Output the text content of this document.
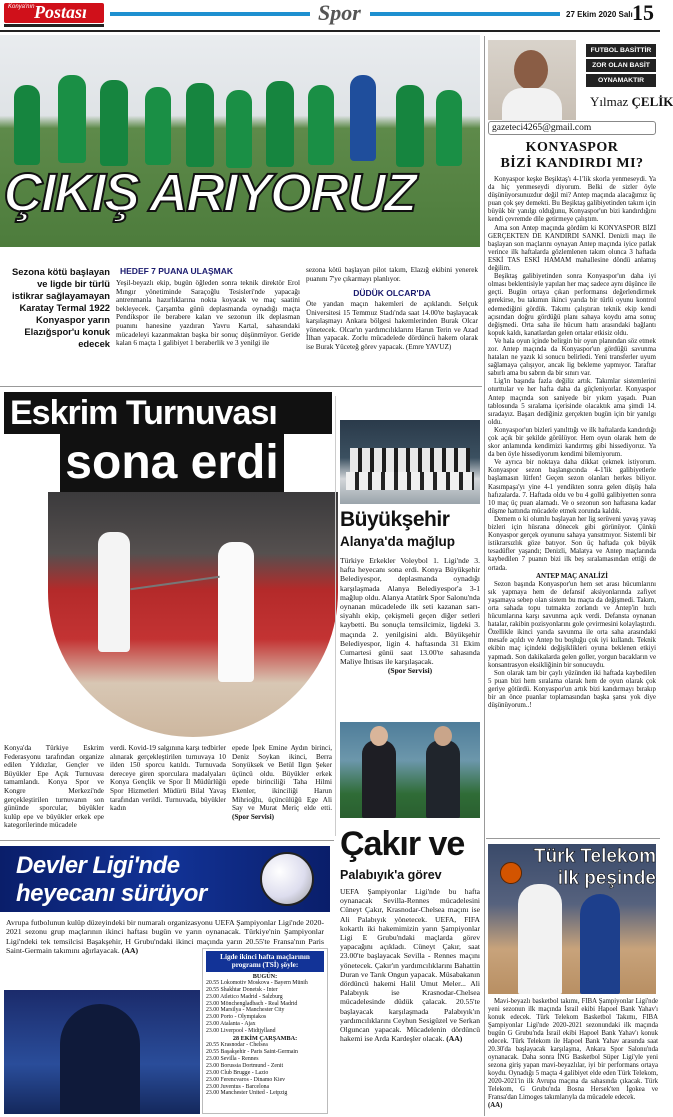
Konya'nın Postası	Spor	27 Ekim 2020 Salı 15
ÇIKIŞ ARIYORUZ
Sezona kötü başlayan ve ligde bir türlü istikrar sağlayamayan Karatay Termal 1922 Konyaspor yarın Elazığspor'u konuk edecek
HEDEF 7 PUANA ULAŞMAK
Yeşil-beyazlı ekip, bugün öğleden sonra teknik direktör Erol Mıngır yönetiminde Saraçoğlu Tesisleri'nde yapacağı antrenmanla hazırlıklarına nokta koyacak ve maç saatini bekleyecek. Çarşamba günü deplasmanda oynadığı maçta Pendikspor ile berabere kalan ve sezonun ilk deplasman puanını hanesine yazdıran Yavru Kartal, sahasındaki mücadeleyi kazanmaktan başka bir sonuç düşünmüyor. Geride kalan 6 maçta 1 galibiyet 1 beraberlik ve 3 yenilgi ile
sezona kötü başlayan pilot takım, Elazığ ekibini yenerek puanını 7'ye çıkarmayı planlıyor.
DÜDÜK OLCAR'DA
Öte yandan maçın hakemleri de açıklandı. Selçuk Üniversitesi 15 Temmuz Stadı'nda saat 14.00'te başlayacak karşılaşmayı Ankara bölgesi hakemlerinden Burak Olcar yönetecek. Olcar'ın yardımcılıklarını Harun Terin ve Azad İlhan yapacak. Zorlu mücadelede dördüncü hakem olarak ise Burak Yüceteğ görev yapacak. (Emre YAVUZ)
Eskrim Turnuvası
sona erdi
Konya'da Türkiye Eskrim Federasyonu tarafından organize edilen Yıldızlar, Gençler ve Büyükler Epe Açık Turnuvası tamamlandı. Konya Spor ve Kongre Merkezi'nde gerçekleştirilen turnuvanın son gününde sporcular, büyükler kulüp epe ve büyükler erkek epe kategorilerinde mücadele
verdi. Kovid-19 salgınına karşı tedbirler alınarak gerçekleştirilen turnuvaya 10 ilden 150 sporcu katıldı. Turnuvada dereceye giren sporculara madalyaları Konya Gençlik ve Spor İl Müdürlüğü Spor Hizmetleri Müdürü Bilal Yavaş tarafından verildi. Turnuvada, büyükler kadın
epede İpek Emine Aydın birinci, Deniz Soykan ikinci, Berra Sonyüksek ve Betül Ilgın Şeker üçüncü oldu. Büyükler erkek epede birinciliği Taha Hilmi Ekenler, ikinciliği Harun Mihrioğlu, üçüncülüğü Ege Ali Say ve Murat Meriç elde etti. (Spor Servisi)
Büyükşehir
Alanya'da mağlup
Türkiye Erkekler Voleybol 1. Ligi'nde 3. hafta heyecanı sona erdi. Konya Büyükşehir Belediyespor, deplasmanda oynadığı karşılaşmada Alanya Belediyespor'a 3-1 mağlup oldu. Alanya Atatürk Spor Salonu'nda oynanan mücadelede ilk seti kazanan sarı-siyahlı ekip, çekişmeli geçen diğer setleri kaybetti. Bu sonuçla temsilcimiz, ligdeki 3. maçında 2. yenilgisini aldı. Büyükşehir Belediyespor, ligin 4. haftasında 31 Ekim Cumartesi günü saat 13.00'te sahasında Maliye İhtisas ile karşılaşacak.

(Spor Servisi)
Çakır ve
Palabıyık'a görev
UEFA Şampiyonlar Ligi'nde bu hafta oynanacak Sevilla-Rennes mücadelesini Cüneyt Çakır, Krasnodar-Chelsea maçını ise Ali Palabıyık yönetecek. UEFA, FIFA kokartlı iki hakemimizin yarın Şampiyonlar Ligi E Grubu'ndaki maçlarda görev yapacağını açıkladı. Cüneyt Çakır, saat 23.00'te başlayacak Sevilla - Rennes maçını yönetecek. Çakır'ın yardımcılıklarını Bahattin Duran ve Tarık Ongun yapacak. Müsabakanın dördüncü hakemi Halil Umut Meler... Ali Palabıyık ise Krasnodar-Chelsea mücadelesinde düdük çalacak. 20.55'te başlayacak karşılaşmada Palabıyık'ın yardımcılıklarını Ceyhun Sesigüzel ve Serkan Olguncan yapacak. Mücadelenin dördüncü hakemi ise Arda Kardeşler olacak. (AA)
Devler Ligi'nde
heyecanı sürüyor
Avrupa futbolunun kulüp düzeyindeki bir numaralı organizasyonu UEFA Şampiyonlar Ligi'nde 2020-2021 sezonu grup maçlarının ikinci haftası bugün ve yarın oynanacak. Türkiye'nin Şampiyonlar Ligi'ndeki tek temsilcisi Başakşehir, H Grubu'ndaki ikinci maçında yarın 20.55'te Fransa'nın Paris Saint-Germain takımını ağırlayacak. (AA)
Ligde ikinci hafta maçlarının programı (TSİ) şöyle:
BUGÜN:
20.55 Lokomotiv Moskova - Bayern Münih
20.55 Shakhtar Donetsk - Inter
23.00 Atletico Madrid - Salzburg
23.00 Mönchengladbach - Real Madrid
23.00 Marsilya - Manchester City
23.00 Porto - Olympiakos
23.00 Atalanta - Ajax
23.00 Liverpool - Midtjylland
28 EKİM ÇARŞAMBA:
20.55 Krasnodar - Chelsea
20.55 Başakşehir - Paris Saint-Germain
23.00 Sevilla - Rennes
23.00 Borussia Dortmund - Zenit
23.00 Club Brugge - Lazio
23.00 Ferencvaros - Dinamo Kiev
23.00 Juventus - Barcelona
23.00 Manchester United - Leipzig
FUTBOL BASİTTİR
ZOR OLAN BASİT
OYNAMAKTIR
Yılmaz ÇELİK
gazeteci4265@gmail.com
KONYASPOR
BİZİ KANDIRDI MI?

Konyaspor keşke Beşiktaş'ı 4-1'lik skorla yenmeseydi. Ya da hiç yenmeseydi diyorum. Belki de sizler öyle düşünüyorsunuzdur değil mi? Antep maçında alacağımız üç puan çok şey demekti. Bu Beşiktaş galibiyetinden takım için büyük bir yanılgı olduğunu, Konyaspor'un bizi kandırdığını kendi çevremde dile getirmeye çalıştım.

Ama son Antep maçında gördüm ki KONYASPOR BİZİ GERÇEKTEN DE KANDIRDI SANKİ. Denizli maçı ile başlayan son maçlarını oynayan Antep maçında iyice patlak verince ilk haftalarda gözlemlenen takım olunca 3 haftada ESKİ TAS ESKİ HAMAM mahallesine döndü anlamış değilim.

Beşiktaş galibiyetinden sonra Konyaspor'un daha iyi olması beklentisiyle yapılan her maç sadece aynı düşünce ile geçti. Bugün ortaya çıkan performansı değerlendirmek gerekirse, bu takımın ikinci yarıda bir türlü oyunu kontrol edemediğini gördük. Takımı çalıştıran teknik ekip kendi açısından doğru gördüğü planı sahaya koydu ama sonuç değişmedi. Orta saha ile hücum hattı arasındaki bağlantı kopuk kaldı, kanatlardan gelen ortalar etkisiz oldu.

Ve hala oyun içinde belirgin bir oyun planından söz etmek zor. Antep maçında da Konyaspor'un gördüğü savunma hataları ne yazık ki sonucu belirledi. Yeni transferler uyum sağlamaya çalışıyor, ancak lig bekleme yapmıyor. Taraftar sabırlı ama bu sabrın da bir sınırı var.

Lig'in başında fazla değiliz artık. Takımlar sistemlerini oturttular ve her hafta daha da güçleniyorlar. Konyaspor Antep maçında son saniyede bir yıkım yaşadı. Puan tablosunda 5 sıralama içerisinde olacaktık ama şimdi 14. sıradayız. Başarı dediğiniz gerçekten bugün için bir yanılgı oldu.

Konyaspor'un bizleri yanılttığı ve ilk haftalarda kandırdığı çok açık bir şekilde görülüyor. Hem oyun olarak hem de skor anlamında kendimizi kandırmış gibi hissediyoruz. Ya da ben öyle hissediyorum kendimi bilemiyorum.

Ve ayrıca bir noktaya daha dikkat çekmek istiyorum. Konyaspor sezon başlangıcında 4-1'lik galibiyetlerle başlamasın lütfen! Geçen sezon olanları herkes biliyor. Kasımpaşa'yı yine 4-1 yendikten sonra gelen düşüş hala hafızalarda. 7. Haftada oldu ve bu 4 gollü galibiyetten sonra 10 maç üç puan alamadı. Ve o sezonun son haftasına kadar düşme hattında mücadele etmek zorunda kaldık.

Demem o ki olumlu başlayan her lig serüveni yavaş yavaş bizleri için hüsrana dönecek gibi görünüyor. Çünkü Konyaspor gerçek oyununu sahaya yansıtmıyor. Sistemli bir istikrarsızlık göze batıyor. Son üç haftada çok büyük tesadüfler yaşandı; Denizli, Malatya ve Antep maçlarında kaybedilen 7 puanın bizi ilk beş sıralamasından ettiği de ortada.

ANTEP MAÇ ANALİZİ

Sezon başında Konyaspor'un hem set arası hücumlarını sık yapmaya hem de defansif aksiyonlarında zafiyet yaşamaya sebep olan sistem bu maçta da değişmedi. Takım, orta sahada topu tutmakta zorlandı ve Antep'in hızlı hücumlarına karşı savunma açık verdi. Defansta oynanan hatalar, rakibin pozisyonlarını gole çevirmesini kolaylaştırdı. Özellikle ikinci yarıda savunma ile orta saha arasındaki mesafe açıldı ve Antep bu boşluğu çok iyi kullandı. Teknik ekibin maç içindeki değişiklikleri oyuna beklenen etkiyi yapmadı. Son dakikalarda gelen goller, yorgun bacakların ve konsantrasyon eksikliğinin bir sonucuydu.

Son olarak tam bir çaylı yüzünden iki haftada kaybedilen 5 puan bizi hem sıralama olarak hem de oyun olarak çok geriye götürdü. Konyaspor'un artık bizi kandırmayı bırakıp bir an önce puanlar toplamasından başka şansı yok diye düşünüyorum..!

Türk Telekom
ilk peşinde
Mavi-beyazlı basketbol takımı, FIBA Şampiyonlar Ligi'nde yeni sezonun ilk maçında İsrail ekibi Hapoel Bank Yahav'ı konuk edecek. Türk Telekom Basketbol Takımı, FIBA Şampiyonlar Ligi'nde 2020-2021 sezonundaki ilk maçında bugün G Grubu'nda İsrail ekibi Hapoel Bank Yahav'ı konuk edecek. Türk Telekom ile Hapoel Bank Yahav arasında saat 20.30'da başlayacak karşılaşma, Ankara Spor Salonu'nda oynanacak. Daha sonra İNG Basketbol Süper Ligi'yle yeni sezona giriş yapan mavi-beyazlılar, iyi bir performans ortaya koydu. Oynadığı 5 maçta 4 galibiyet elde eden Türk Telekom, 2020-2021'in ilk Avrupa maçına da sahasında çıkacak. Türk Telekom, G Grubu'nda Bosna Hersek'ten İgokea ve Fransa'dan Limoges takımlarıyla da mücadele edecek.
(AA)
